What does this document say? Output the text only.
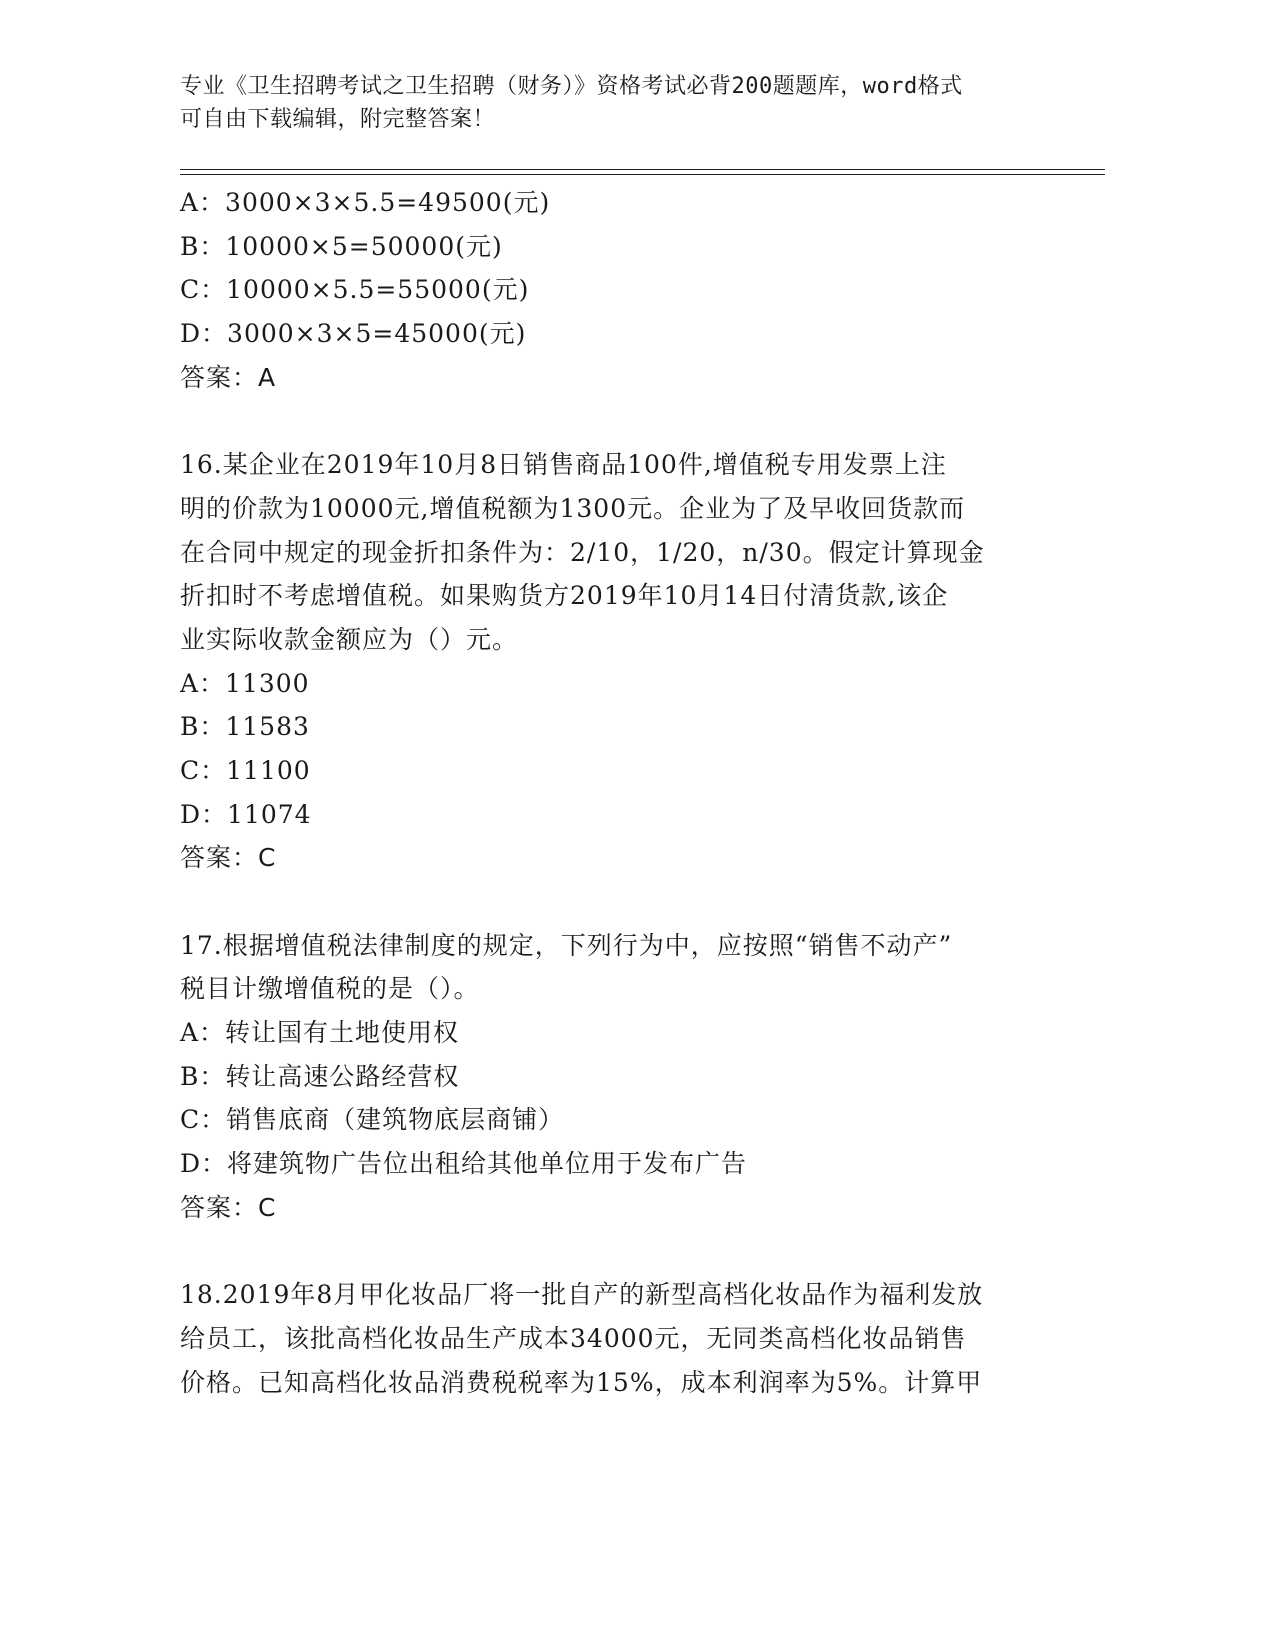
专业《卫生招聘考试之卫生招聘（财务）》资格考试必背200题题库，word格式
可自由下载编辑，附完整答案！
A：3000×3×5.5=49500(元)
B：10000×5=50000(元)
C：10000×5.5=55000(元)
D：3000×3×5=45000(元)
答案：A
16.某企业在2019年10月8日销售商品100件,增值税专用发票上注
明的价款为10000元,增值税额为1300元。企业为了及早收回货款而
在合同中规定的现金折扣条件为：2/10，1/20，n/30。假定计算现金
折扣时不考虑增值税。如果购货方2019年10月14日付清货款,该企
业实际收款金额应为（）元。
A：11300
B：11583
C：11100
D：11074
答案：C
17.根据增值税法律制度的规定，下列行为中，应按照“销售不动产”
税目计缴增值税的是（）。
A：转让国有土地使用权
B：转让高速公路经营权
C：销售底商（建筑物底层商铺）
D：将建筑物广告位出租给其他单位用于发布广告
答案：C
18.2019年8月甲化妆品厂将一批自产的新型高档化妆品作为福利发放
给员工，该批高档化妆品生产成本34000元，无同类高档化妆品销售
价格。已知高档化妆品消费税税率为15%，成本利润率为5%。计算甲
